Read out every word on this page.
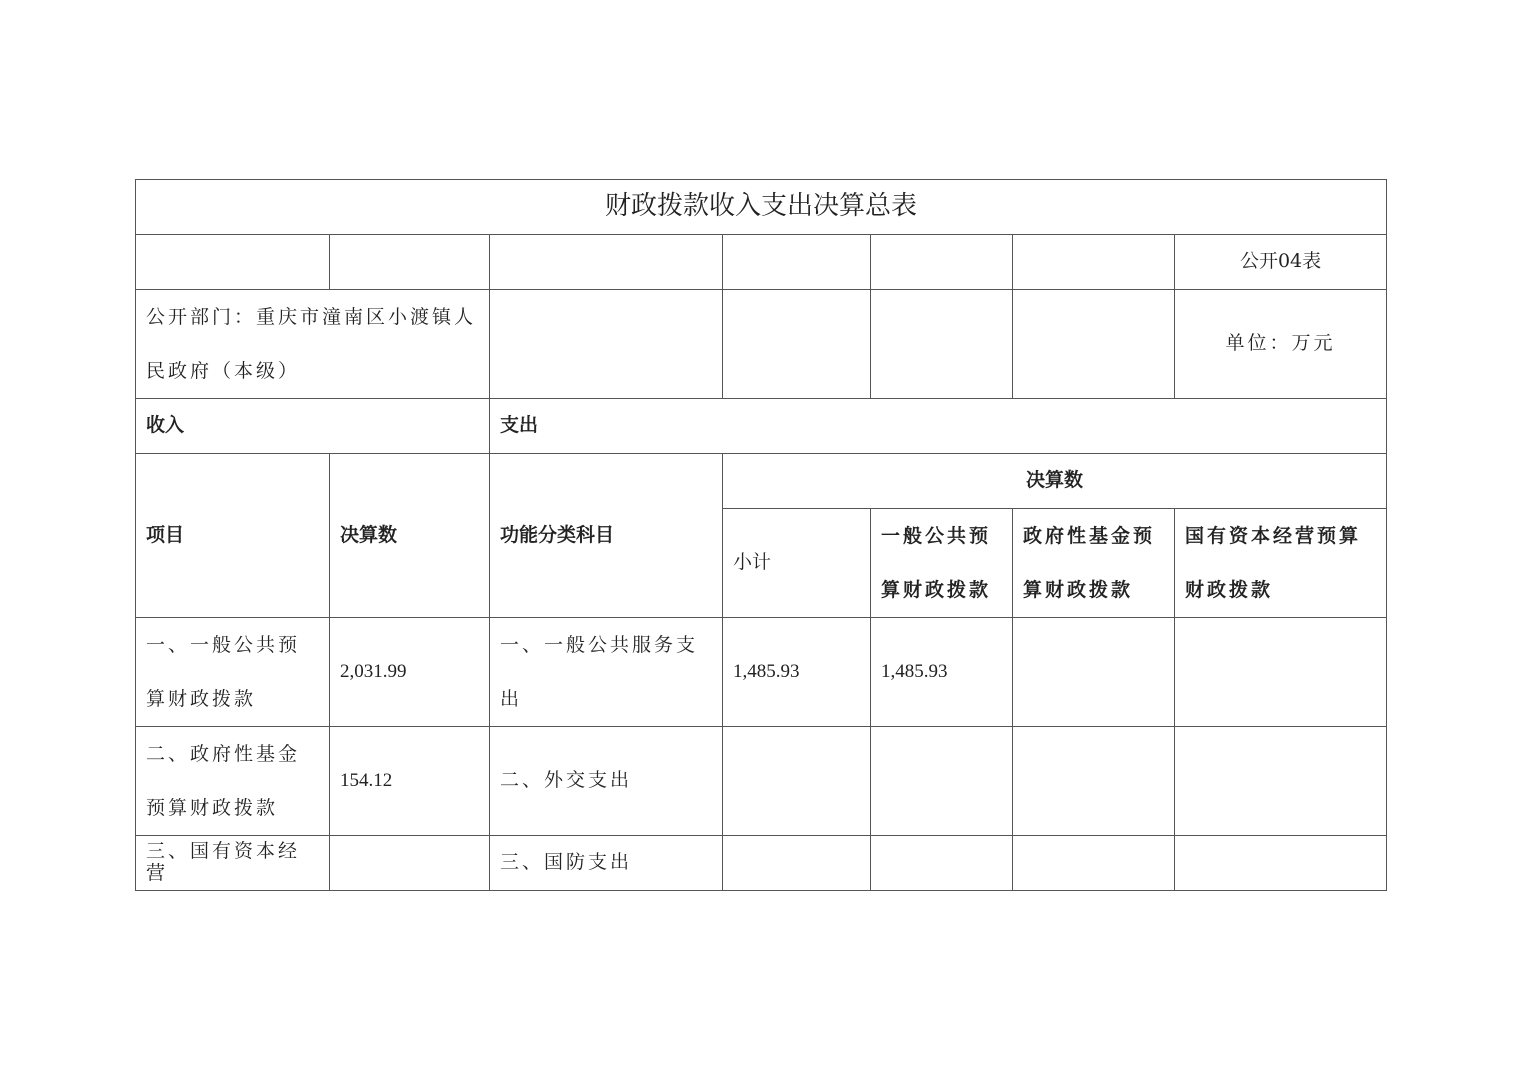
财政拨款收入支出决算总表						
						公开04表
公开部门：重庆市潼南区小渡镇人民政府（本级）						单位：万元
收入		支出				
项目	决算数	功能分类科目	决算数			
			小计	一般公共预算财政拨款	政府性基金预算财政拨款	国有资本经营预算财政拨款
一、一般公共预算财政拨款	2,031.99	一、一般公共服务支出	1,485.93	1,485.93		
二、政府性基金预算财政拨款	154.12	二、外交支出				
三、国有资本经营		三、国防支出				
